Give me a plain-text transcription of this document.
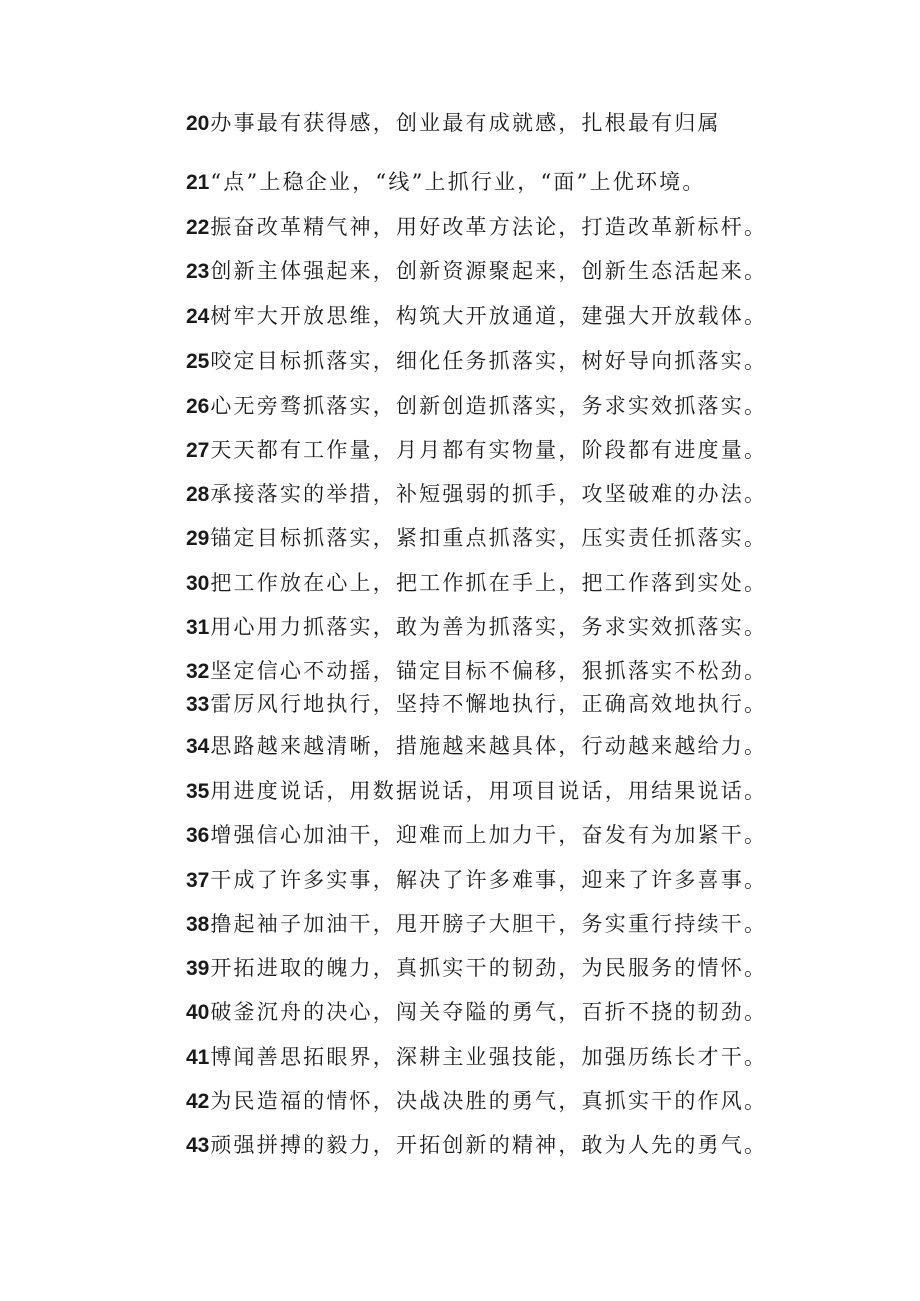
20办事最有获得感，创业最有成就感，扎根最有归属
21“点”上稳企业，“线”上抓行业，“面”上优环境。
22振奋改革精气神，用好改革方法论，打造改革新标杆。
23创新主体强起来，创新资源聚起来，创新生态活起来。
24树牢大开放思维，构筑大开放通道，建强大开放载体。
25咬定目标抓落实，细化任务抓落实，树好导向抓落实。
26心无旁骛抓落实，创新创造抓落实，务求实效抓落实。
27天天都有工作量，月月都有实物量，阶段都有进度量。
28承接落实的举措，补短强弱的抓手，攻坚破难的办法。
29锚定目标抓落实，紧扣重点抓落实，压实责任抓落实。
30把工作放在心上，把工作抓在手上，把工作落到实处。
31用心用力抓落实，敢为善为抓落实，务求实效抓落实。
32坚定信心不动摇，锚定目标不偏移，狠抓落实不松劲。
33雷厉风行地执行，坚持不懈地执行，正确高效地执行。
34思路越来越清晰，措施越来越具体，行动越来越给力。
35用进度说话，用数据说话，用项目说话，用结果说话。
36增强信心加油干，迎难而上加力干，奋发有为加紧干。
37干成了许多实事，解决了许多难事，迎来了许多喜事。
38撸起袖子加油干，甩开膀子大胆干，务实重行持续干。
39开拓进取的魄力，真抓实干的韧劲，为民服务的情怀。
40破釜沉舟的决心，闯关夺隘的勇气，百折不挠的韧劲。
41博闻善思拓眼界，深耕主业强技能，加强历练长才干。
42为民造福的情怀，决战决胜的勇气，真抓实干的作风。
43顽强拼搏的毅力，开拓创新的精神，敢为人先的勇气。
